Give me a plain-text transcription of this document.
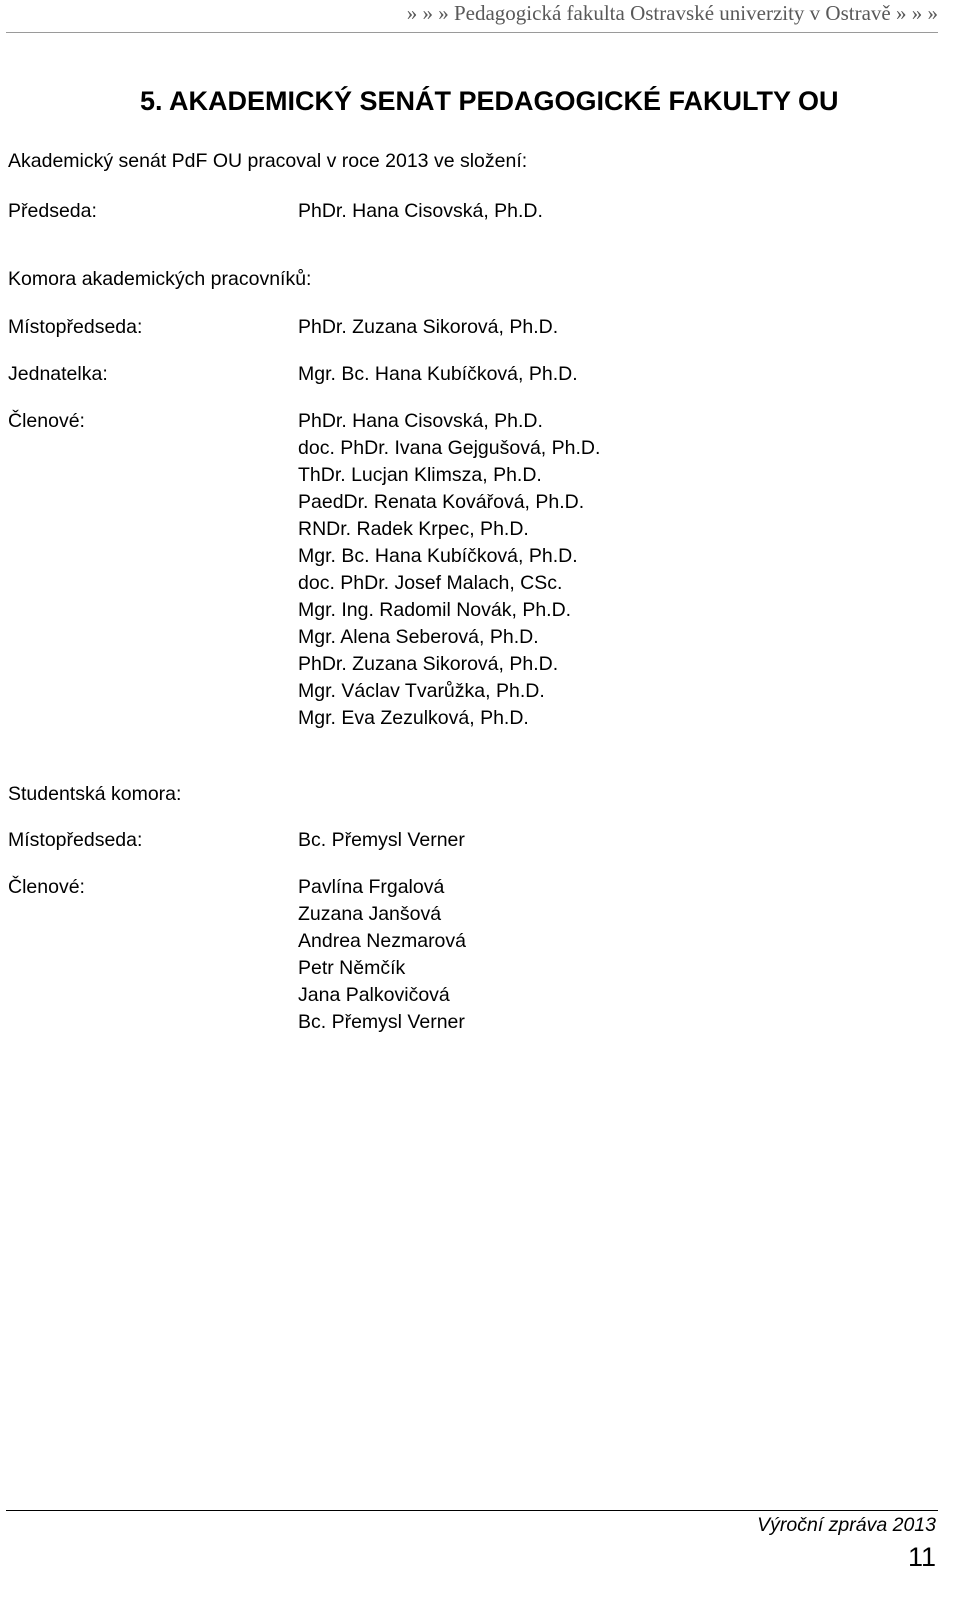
» » » Pedagogická fakulta Ostravské univerzity v Ostravě » » »
5. AKADEMICKÝ SENÁT PEDAGOGICKÉ FAKULTY OU
Akademický senát PdF OU pracoval v roce 2013 ve složení:
Předseda:	PhDr. Hana Cisovská, Ph.D.
Komora akademických pracovníků:
Místopředseda:	PhDr. Zuzana Sikorová, Ph.D.
Jednatelka:	Mgr. Bc. Hana Kubíčková, Ph.D.
Členové:	PhDr. Hana Cisovská, Ph.D.
doc. PhDr. Ivana Gejgušová, Ph.D.
ThDr. Lucjan Klimsza, Ph.D.
PaedDr. Renata Kovářová, Ph.D.
RNDr. Radek Krpec, Ph.D.
Mgr. Bc. Hana Kubíčková, Ph.D.
doc. PhDr. Josef Malach, CSc.
Mgr. Ing. Radomil Novák, Ph.D.
Mgr. Alena Seberová, Ph.D.
PhDr. Zuzana Sikorová, Ph.D.
Mgr. Václav Tvarůžka, Ph.D.
Mgr. Eva Zezulková, Ph.D.
Studentská komora:
Místopředseda:	Bc. Přemysl Verner
Členové:	Pavlína Frgalová
Zuzana Janšová
Andrea Nezmarová
Petr Němčík
Jana Palkovičová
Bc. Přemysl Verner
Výroční zpráva 2013
11
